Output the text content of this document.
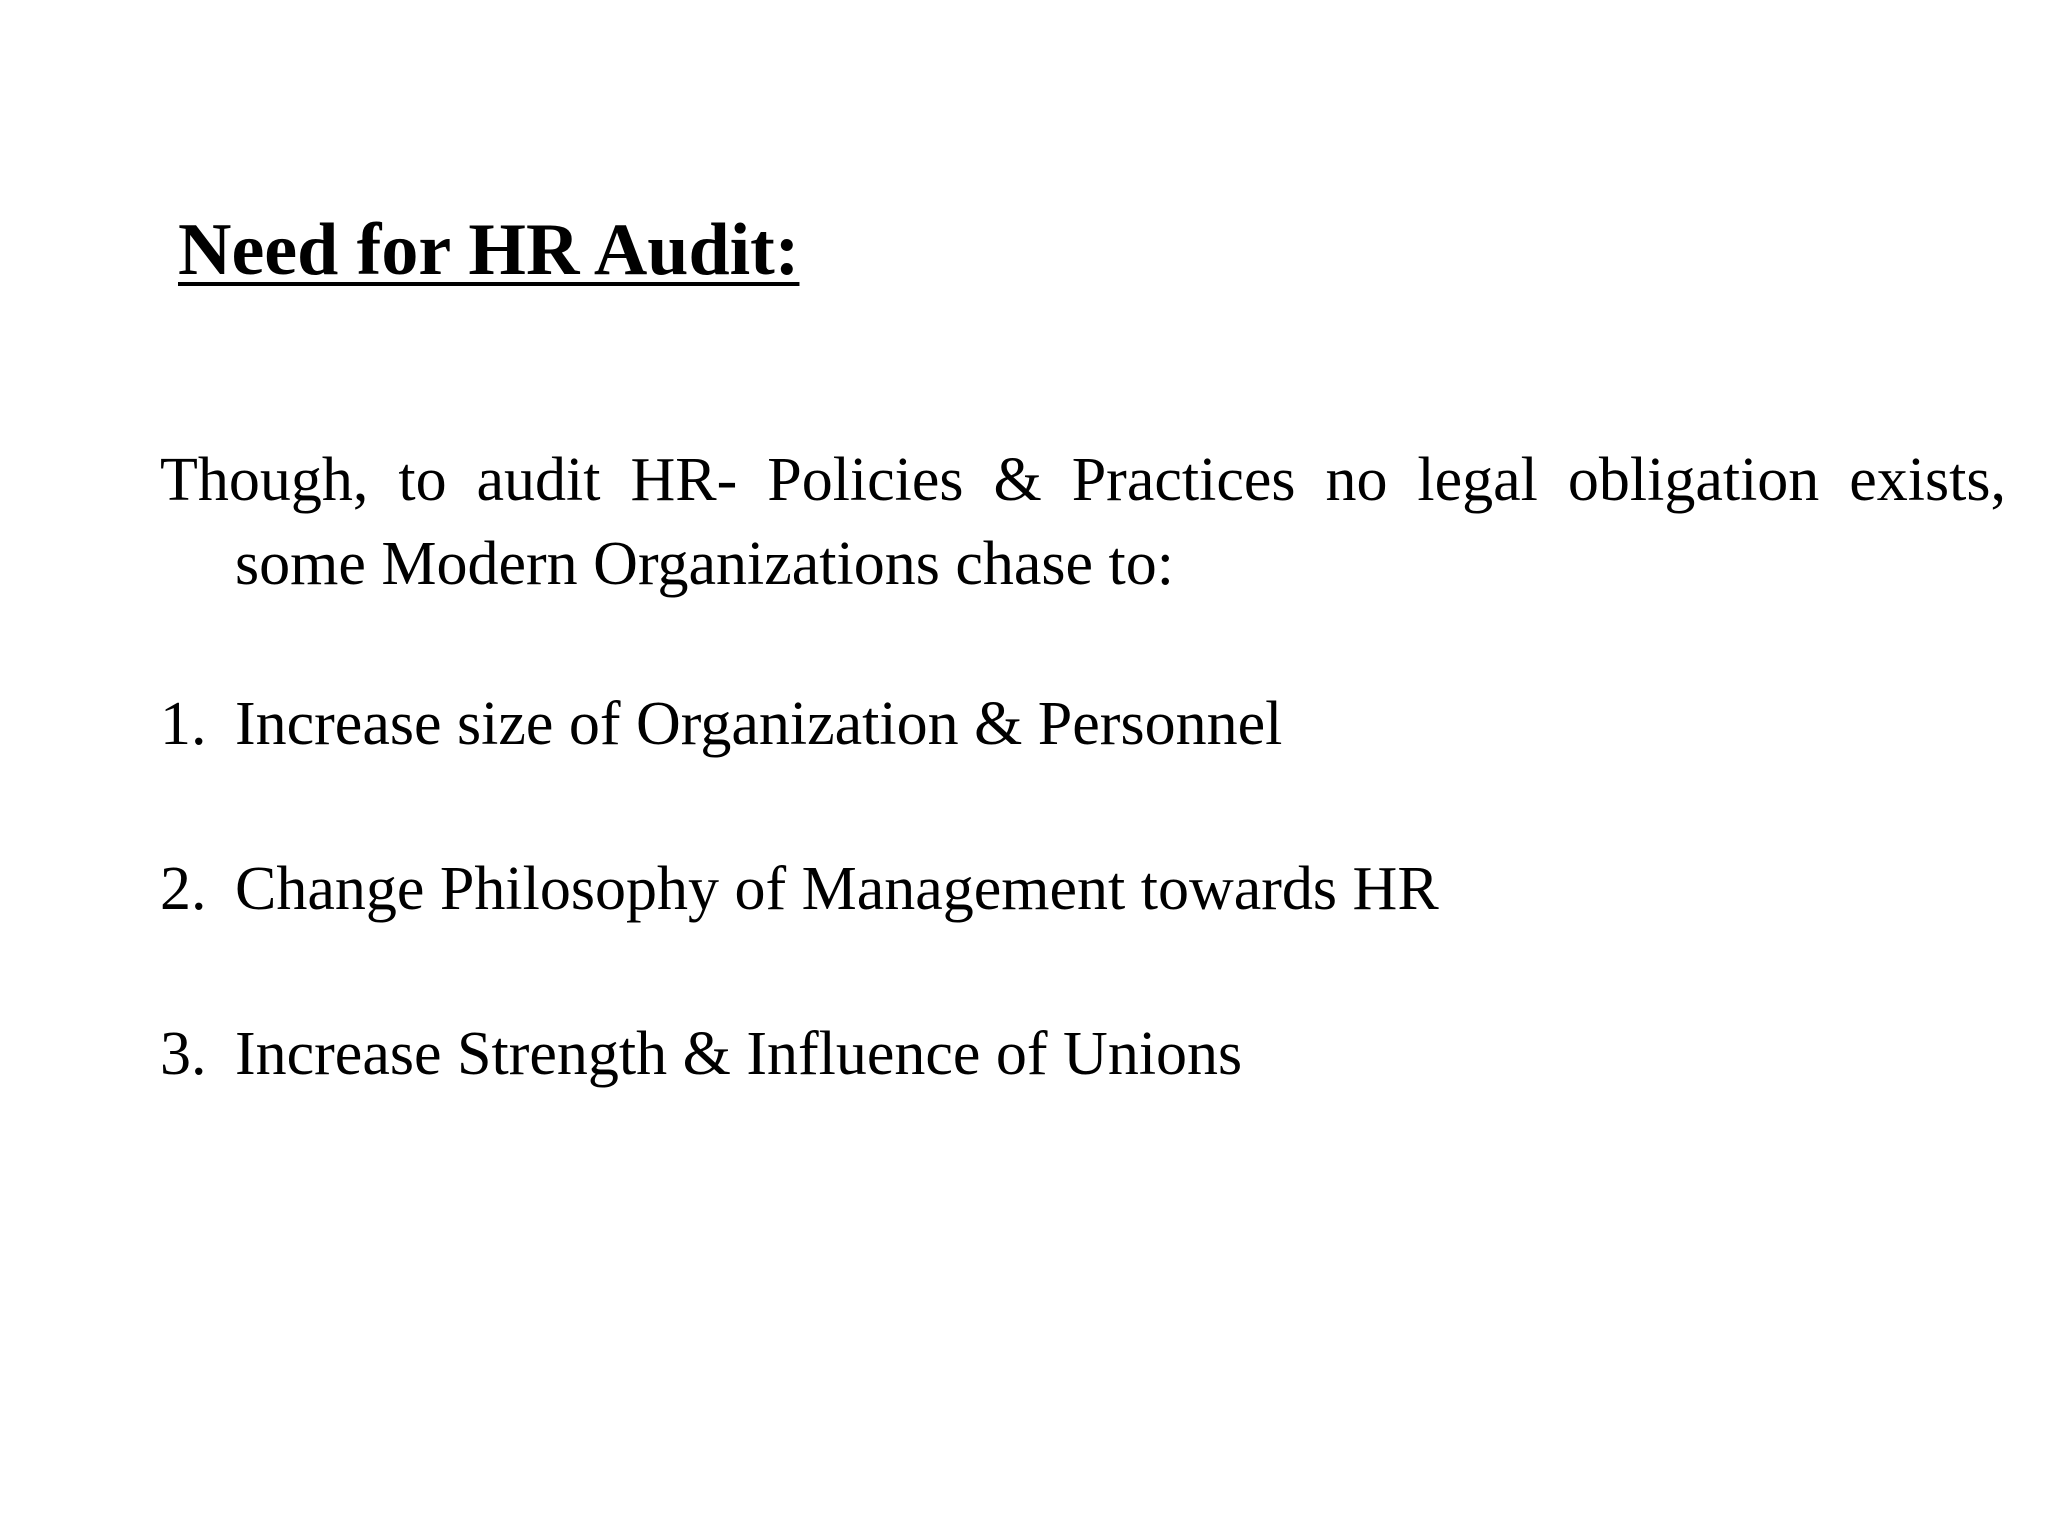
Need for HR Audit:
Though, to audit HR- Policies & Practices no legal obligation exists, some Modern Organizations chase to:
1. Increase size of Organization & Personnel
2. Change Philosophy of Management towards HR
3. Increase Strength & Influence of Unions
